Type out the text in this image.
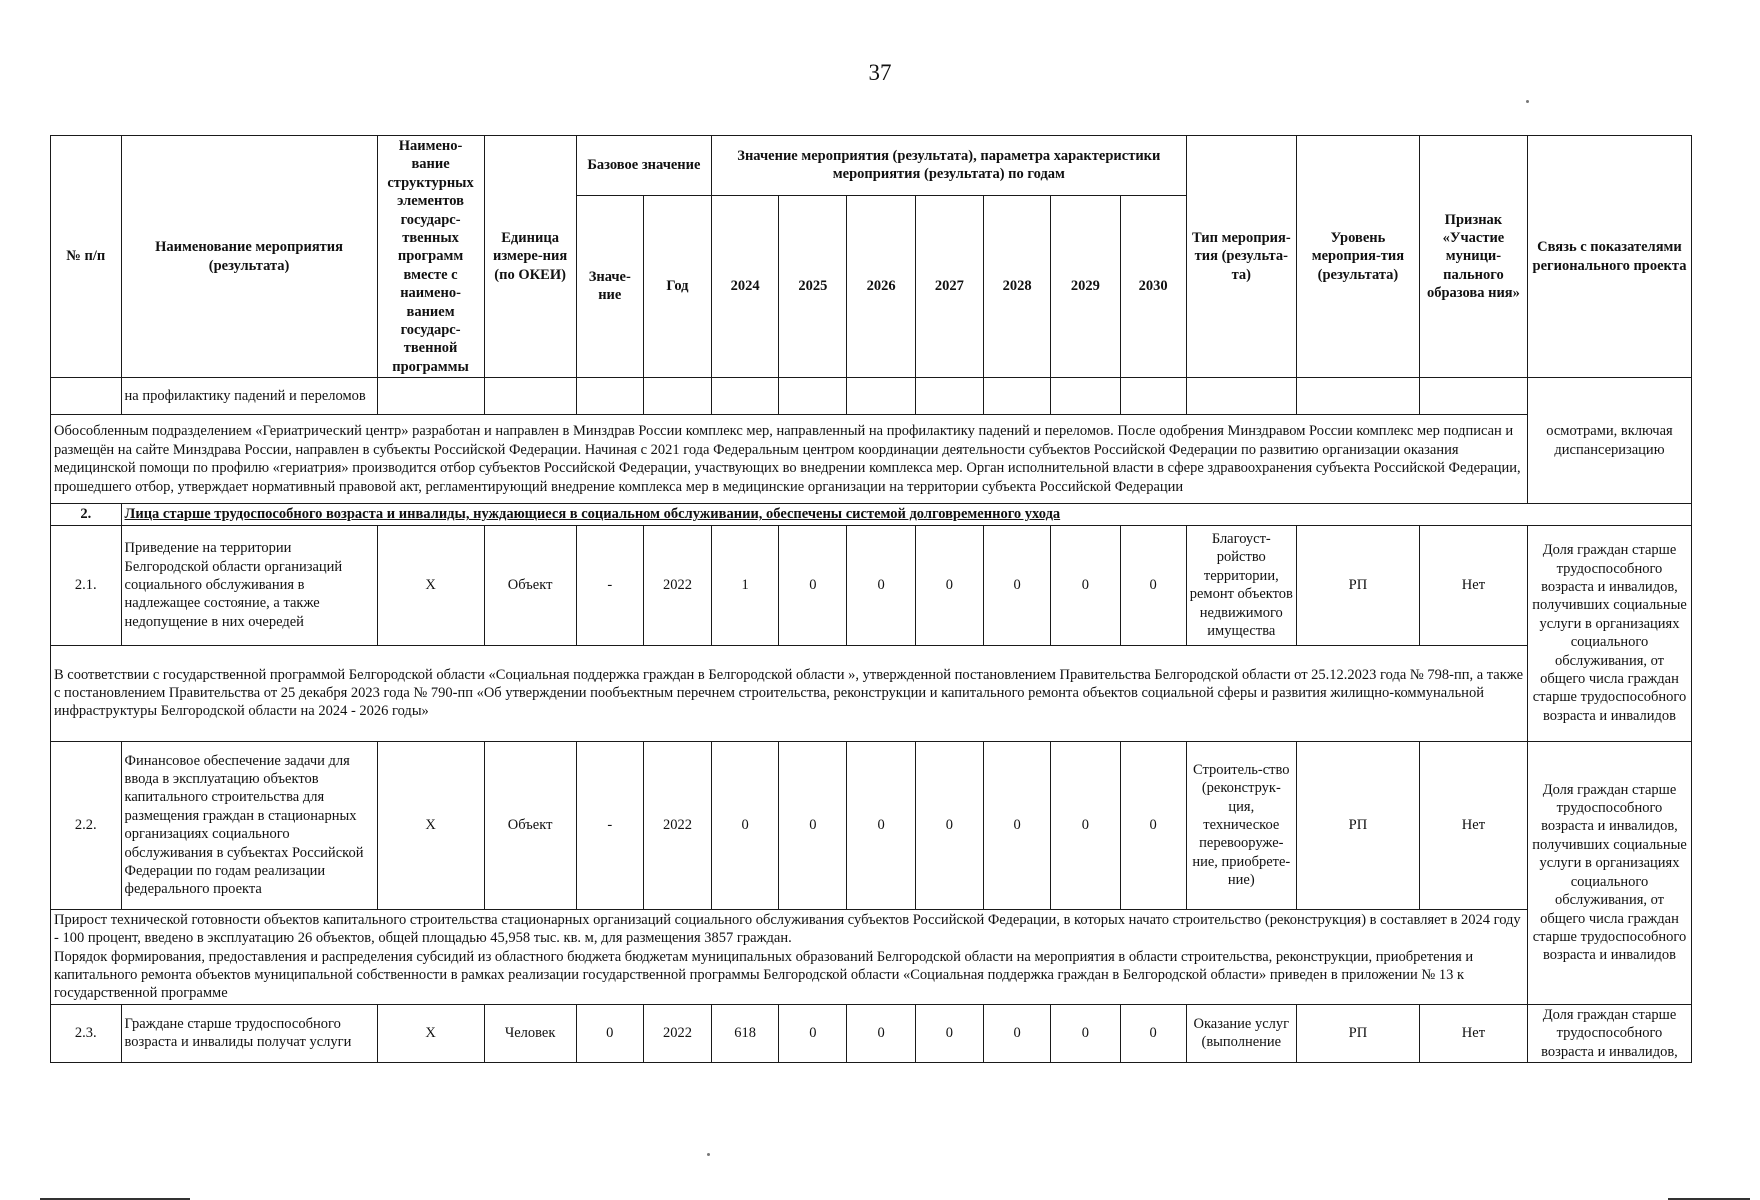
37
№ п/п	Наименование мероприятия (результата)	Наимено-вание структурных элементов государс-твенных программ вместе с наимено-ванием государс-твенной программы	Единица измере-ния (по ОКЕИ)	Базовое значение		Значение мероприятия (результата), параметра характеристики мероприятия (результата) по годам							Тип мероприя-тия (результа-та)	Уровень мероприя-тия (результата)	Признак «Участие муници-пального образова ния»	Связь с показателями регионального проекта
				Значе-ние	Год	2024	2025	2026	2027	2028	2029	2030				
	на профилактику падений и переломов															осмотрами, включая диспансеризацию
Обособленным подразделением «Гериатрический центр» разработан и направлен в Минздрав России комплекс мер, направленный на профилактику падений и переломов. После одобрения Минздравом России комплекс мер подписан и размещён на сайте Минздрава России, направлен в субъекты Российской Федерации. Начиная с 2021 года Федеральным центром координации деятельности субъектов Российской Федерации по развитию организации оказания медицинской помощи по профилю «гериатрия» производится отбор субъектов Российской Федерации, участвующих во внедрении комплекса мер. Орган исполнительной власти в сфере здравоохранения субъекта Российской Федерации, прошедшего отбор, утверждает нормативный правовой акт, регламентирующий внедрение комплекса мер в медицинские организации на территории субъекта Российской Федерации																
2.	Лица старше трудоспособного возраста и инвалиды, нуждающиеся в социальном обслуживании, обеспечены системой долговременного ухода															
2.1.	Приведение на территории Белгородской области организаций социального обслуживания в надлежащее состояние, а также недопущение в них очередей	Х	Объект	-	2022	1	0	0	0	0	0	0	Благоуст-ройство территории, ремонт объектов недвижимого имущества	РП	Нет	Доля граждан старше трудоспособного возраста и инвалидов, получивших социальные услуги в организациях социального обслуживания, от общего числа граждан старше трудоспособного возраста и инвалидов
В соответствии с государственной программой Белгородской области «Социальная поддержка граждан в Белгородской области », утвержденной постановлением Правительства Белгородской области от 25.12.2023 года № 798-пп, а также с постановлением Правительства от 25 декабря 2023 года № 790-пп «Об утверждении пообъектным перечнем строительства, реконструкции и капитального ремонта объектов социальной сферы и развития жилищно-коммунальной инфраструктуры Белгородской области на 2024 - 2026 годы»																
2.2.	Финансовое обеспечение задачи для ввода в эксплуатацию объектов капитального строительства для размещения граждан в стационарных организациях социального обслуживания в субъектах Российской Федерации по годам реализации федерального проекта	Х	Объект	-	2022	0	0	0	0	0	0	0	Строитель-ство (реконструк-ция, техническое перевооруже-ние, приобрете-ние)	РП	Нет	Доля граждан старше трудоспособного возраста и инвалидов, получивших социальные услуги в организациях социального обслуживания, от общего числа граждан старше трудоспособного возраста и инвалидов

Прирост технической готовности объектов капитального строительства стационарных организаций социального обслуживания субъектов Российской Федерации, в которых начато строительство (реконструкция) в составляет в 2024 году - 100 процент, введено в эксплуатацию 26 объектов, общей площадью 45,958 тыс. кв. м, для размещения 3857 граждан.
Порядок формирования, предоставления и распределения субсидий из областного бюджета бюджетам муниципальных образований Белгородской области на мероприятия в области строительства, реконструкции, приобретения и капитального ремонта объектов муниципальной собственности в рамках реализации государственной программы Белгородской области «Социальная поддержка граждан в Белгородской области» приведен в приложении № 13 к государственной программе																

2.3.	Граждане старше трудоспособного возраста и инвалиды получат услуги	Х	Человек	0	2022	618	0	0	0	0	0	0	Оказание услуг (выполнение	РП	Нет	Доля граждан старше трудоспособного возраста и инвалидов,
